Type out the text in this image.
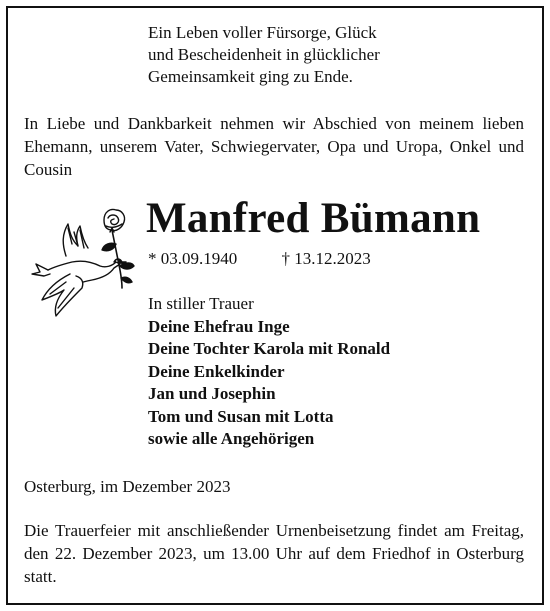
Ein Leben voller Fürsorge, Glück
und Bescheidenheit in glücklicher
Gemeinsamkeit ging zu Ende.
In Liebe und Dankbarkeit nehmen wir Abschied von meinem lieben Ehemann, unserem Vater, Schwiegervater, Opa und Uropa, Onkel und Cousin
Manfred Bümann
* 03.09.1940	† 13.12.2023
In stiller Trauer
Deine Ehefrau Inge
Deine Tochter Karola mit Ronald
Deine Enkelkinder
Jan und Josephin
Tom und Susan mit Lotta
sowie alle Angehörigen
Osterburg, im Dezember 2023
Die Trauerfeier mit anschließender Urnenbeisetzung findet am Freitag, den 22. Dezember 2023, um 13.00 Uhr auf dem Friedhof in Osterburg statt.
